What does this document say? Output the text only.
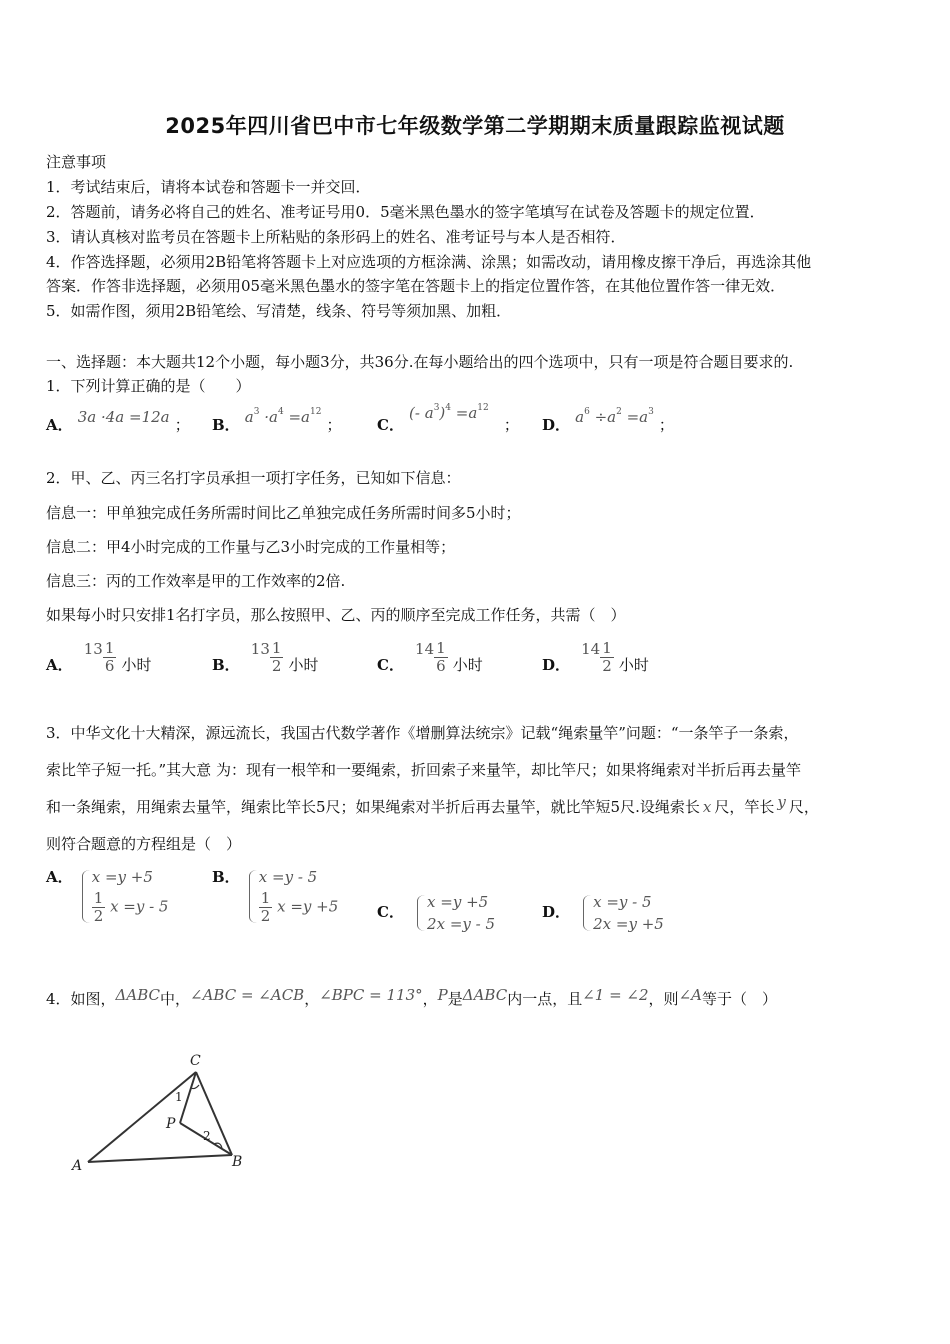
2025年四川省巴中市七年级数学第二学期期末质量跟踪监视试题
注意事项
1．考试结束后，请将本试卷和答题卡一并交回．
2．答题前，请务必将自己的姓名、准考证号用0．5毫米黑色墨水的签字笔填写在试卷及答题卡的规定位置．
3．请认真核对监考员在答题卡上所粘贴的条形码上的姓名、准考证号与本人是否相符．
4．作答选择题，必须用2B铅笔将答题卡上对应选项的方框涂满、涂黑；如需改动，请用橡皮擦干净后，再选涂其他
答案．作答非选择题，必须用05毫米黑色墨水的签字笔在答题卡上的指定位置作答，在其他位置作答一律无效．
5．如需作图，须用2B铅笔绘、写清楚，线条、符号等须加黑、加粗．
一、选择题：本大题共12个小题，每小题3分，共36分.在每小题给出的四个选项中，只有一项是符合题目要求的.
1．下列计算正确的是（　　）
A． 3a ·4a =12a ； B． $a^3 \cdot a^4 =a^{12}$ ； C． (- $a^3)^4 =a^{12}$ ； D． $a^6 \div a^2 =a^3$ ；
2．甲、乙、丙三名打字员承担一项打字任务，已知如下信息：
信息一：甲单独完成任务所需时间比乙单独完成任务所需时间多5小时；
信息二：甲4小时完成的工作量与乙3小时完成的工作量相等；
信息三：丙的工作效率是甲的工作效率的2倍.
如果每小时只安排1名打字员，那么按照甲、乙、丙的顺序至完成工作任务，共需（　）
A． $13 \frac{1}{6}$ 小时	B． $13 \frac{1}{2}$ 小时	C． $14 \frac{1}{6}$ 小时	D． $14 \frac{1}{2}$ 小时
3．中华文化十大精深，源远流长，我国古代数学著作《增删算法统宗》记载“绳索量竿”问题：“一条竿子一条索，
索比竿子短一托。”其大意 为：现有一根竿和一要绳索，折回索子来量竿，却比竿尺；如果将绳索对半折后再去量竿
和一条绳索，用绳索去量竿，绳索比竿长5尺；如果绳索对半折后再去量竿，就比竿短5尺.设绳索长 x 尺，竿长 y 尺，
则符合题意的方程组是（　）
A． x =y +5
$\frac{1}{2}$ x =y - 5
B． x =y - 5
$\frac{1}{2}$ x =y +5	C．
x =y +5
2x =y - 5
D．
x =y - 5
2x =y +5
4．如图，ΔABC中，∠ABC = ∠ACB，∠BPC = 113°，P是ΔABC内一点，且∠1 = ∠2，则∠A等于（　）
C
A	B
P
1
2
